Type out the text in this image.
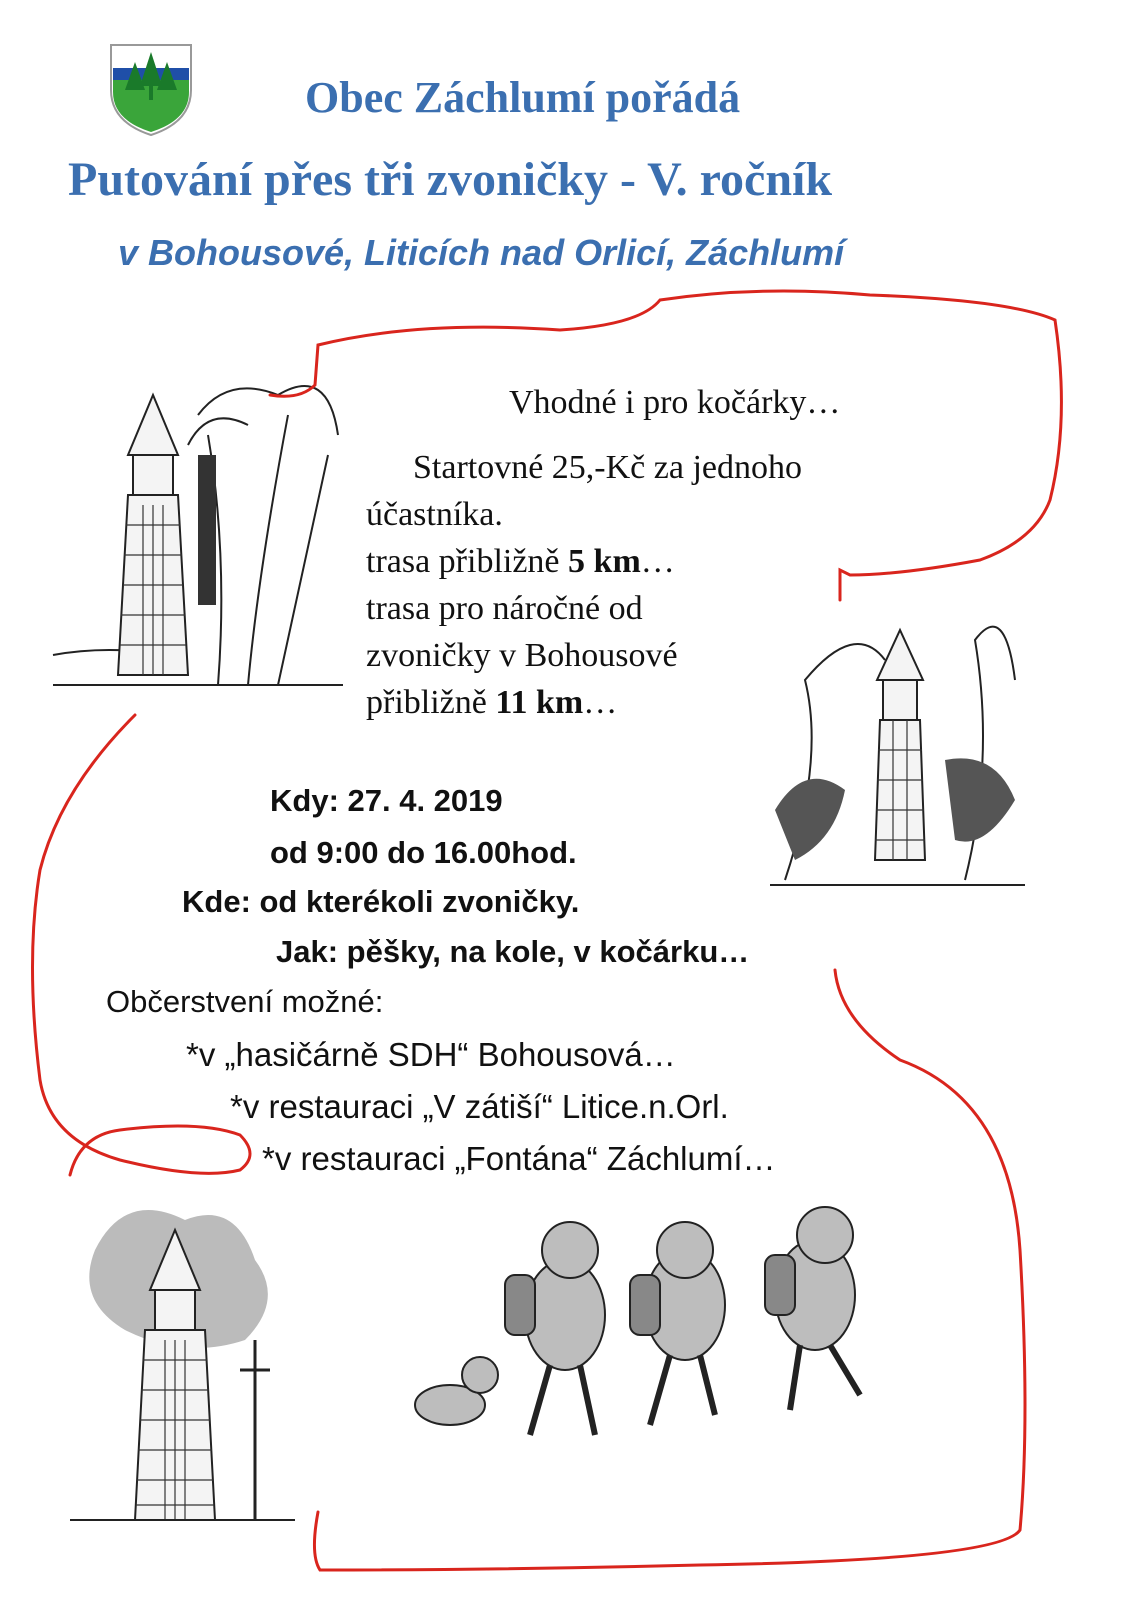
Obec Záchlumí pořádá
Putování přes tři zvoničky - V. ročník
v Bohousové, Liticích nad Orlicí, Záchlumí
Vhodné i pro kočárky…
Startovné 25,-Kč za jednoho
účastníka.
trasa přibližně 5 km…
trasa pro náročné od
zvoničky v Bohousové
přibližně 11 km…
Kdy: 27. 4. 2019
od 9:00 do 16.00hod.
Kde: od kterékoli zvoničky.
Jak: pěšky, na kole, v kočárku…
Občerstvení možné:
*v „hasičárně SDH“ Bohousová…
*v restauraci „V zátiší“ Litice.n.Orl.
*v restauraci „Fontána“ Záchlumí…
